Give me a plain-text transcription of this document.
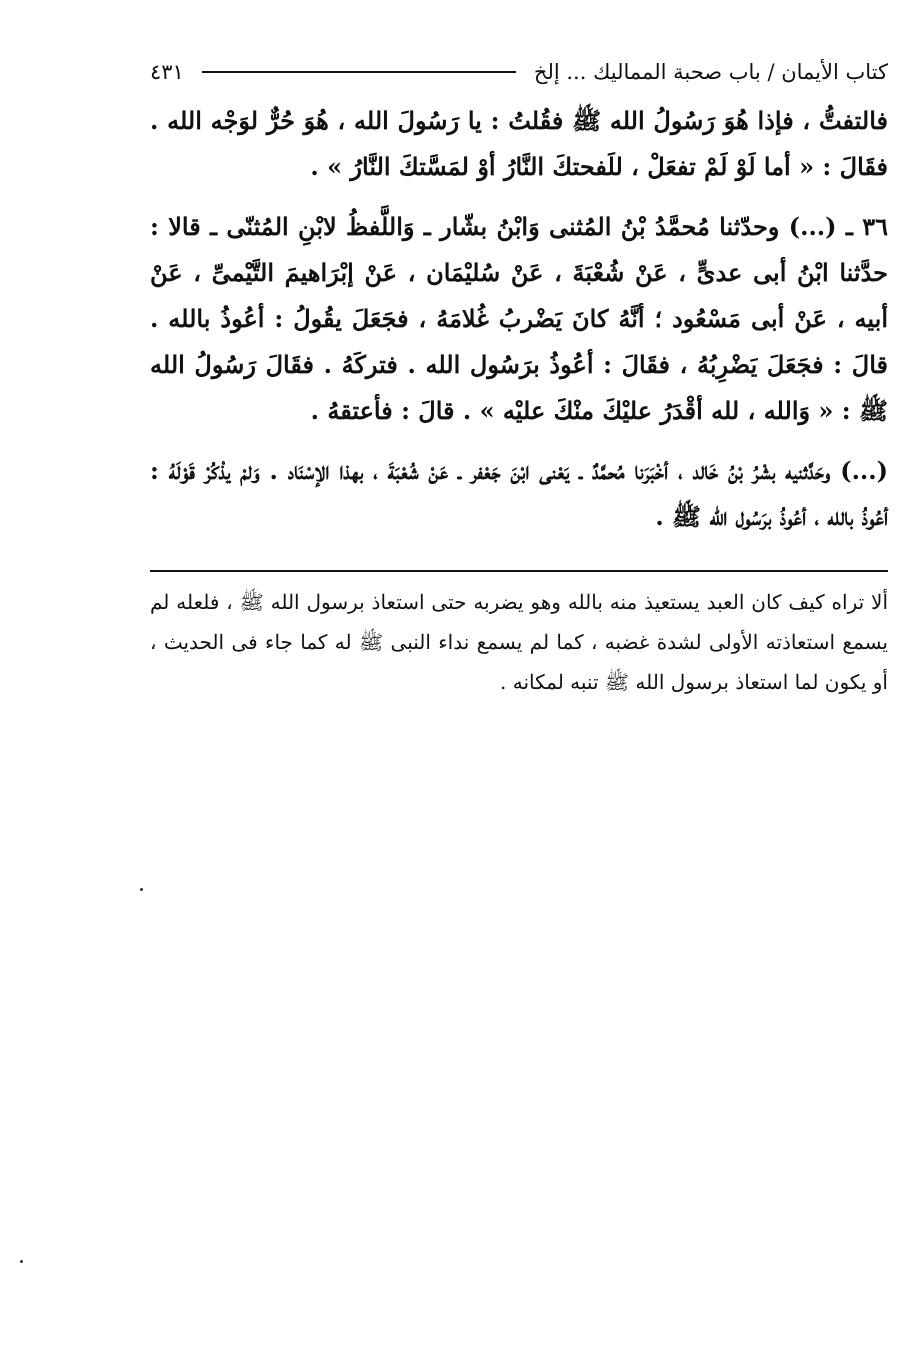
كتاب الأيمان / باب صحبة المماليك ... إلخ
٤٣١

فالتفتُّ ، فإذا هُوَ رَسُولُ الله ﷺ فقُلتُ : يا رَسُولَ الله ، هُوَ حُرٌّ لوَجْه الله . فقَالَ : « أما لَوْ لَمْ تفعَلْ ، للَفحتكَ النَّارُ أوْ لمَسَّتكَ النَّارُ » .

٣٦ ـ (...) وحدّثنا مُحمَّدُ بْنُ المُثنى وَابْنُ بشّار ـ وَاللَّفظُ لابْنِ المُثنّى ـ قالا : حدَّثنا ابْنُ أبى عدىٍّ ، عَنْ شُعْبَةَ ، عَنْ سُليْمَان ، عَنْ إبْرَاهيمَ التَّيْمىِّ ، عَنْ أبيه ، عَنْ أبى مَسْعُود ؛ أنَّهُ كانَ يَضْربُ غُلامَهُ ، فجَعَلَ يقُولُ : أعُوذُ بالله . قالَ : فجَعَلَ يَضْرِبُهُ ، فقَالَ : أعُوذُ برَسُول الله . فتركَهُ . فقَالَ رَسُولُ الله ﷺ : « وَالله ، لله أقْدَرُ عليْكَ منْكَ عليْه » . قالَ : فأعتقهُ .

(...) وحَدَّثنيه بشْرُ بْنُ خَالد ، أخْبَرَنا مُحمَّدٌ ـ يَعْنى ابْنَ جَعْفر ـ عَنْ شُعْبَةَ ، بهذا الإسْنَاد . وَلمْ يذْكُرْ قَوْلَهُ : أعُوذُ بالله ، أعُوذُ برَسُول الله ﷺ .

ألا تراه كيف كان العبد يستعيذ منه بالله وهو يضربه حتى استعاذ برسول الله ﷺ ، فلعله لم يسمع استعاذته الأولى لشدة غضبه ، كما لم يسمع نداء النبى ﷺ له كما جاء فى الحديث ، أو يكون لما استعاذ برسول الله ﷺ تنبه لمكانه .
